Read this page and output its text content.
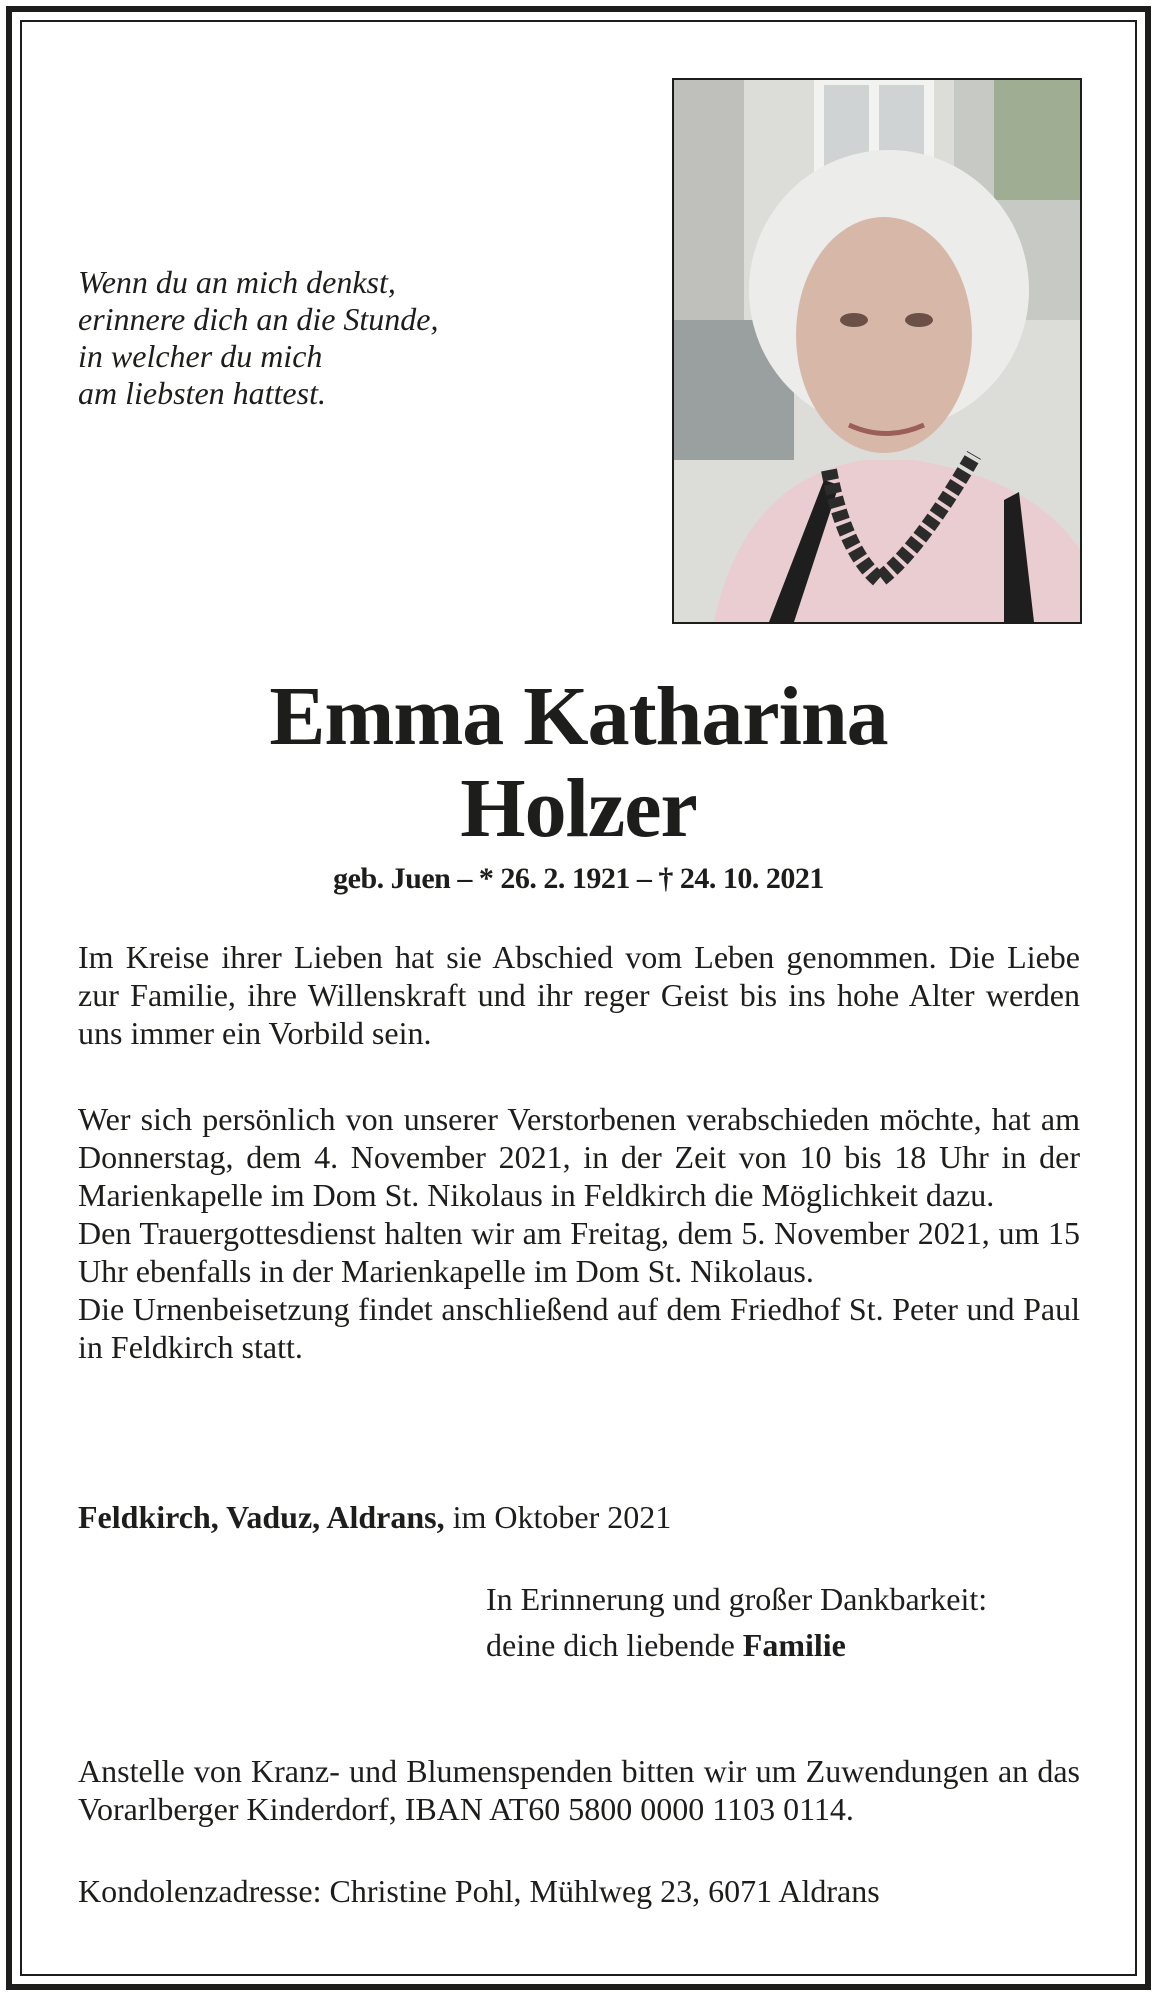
Wenn du an mich denkst,
erinnere dich an die Stunde,
in welcher du mich
am liebsten hattest.
Emma Katharina
Holzer
geb. Juen – * 26. 2. 1921 – † 24. 10. 2021
Im Kreise ihrer Lieben hat sie Abschied vom Leben genommen. Die Liebe zur Familie, ihre Willenskraft und ihr reger Geist bis ins hohe Alter werden uns immer ein Vorbild sein.
Wer sich persönlich von unserer Verstorbenen verabschieden möchte, hat am Donnerstag, dem 4. November 2021, in der Zeit von 10 bis 18 Uhr in der Marienkapelle im Dom St. Nikolaus in Feldkirch die Möglichkeit dazu.
Den Trauergottesdienst halten wir am Freitag, dem 5. November 2021, um 15 Uhr ebenfalls in der Marienkapelle im Dom St. Nikolaus.
Die Urnenbeisetzung findet anschließend auf dem Friedhof St. Peter und Paul in Feldkirch statt.
Feldkirch, Vaduz, Aldrans, im Oktober 2021
In Erinnerung und großer Dankbarkeit:
deine dich liebende Familie
Anstelle von Kranz- und Blumenspenden bitten wir um Zuwendungen an das Vorarlberger Kinderdorf, IBAN AT60 5800 0000 1103 0114.
Kondolenzadresse: Christine Pohl, Mühlweg 23, 6071 Aldrans
